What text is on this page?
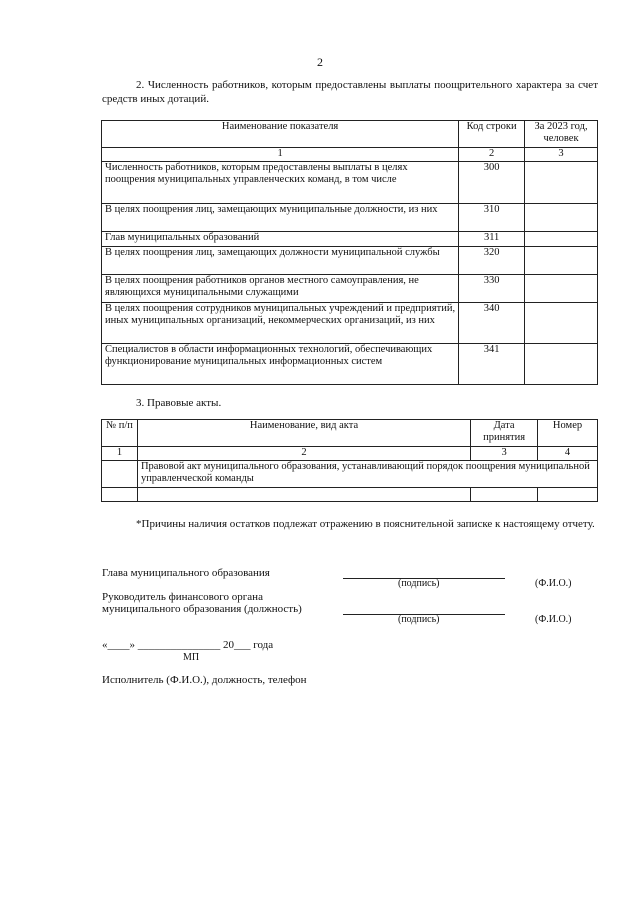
2
2. Численность работников, которым предоставлены выплаты поощрительного характера за счет средств иных дотаций.
Наименование показателя	Код строки	За 2023 год, человек
1	2	3
Численность работников, которым предоставлены выплаты в целях поощрения муниципальных управленческих команд, в том числе	300	
В целях поощрения лиц, замещающих муниципальные должности, из них	310	
Глав муниципальных образований	311	
В целях поощрения лиц, замещающих должности муниципальной службы	320	
В целях поощрения работников органов местного самоуправления, не являющихся муниципальными служащими	330	
В целях поощрения сотрудников муниципальных учреждений и предприятий, иных муниципальных организаций, некоммерческих организаций, из них	340	
Специалистов в области информационных технологий, обеспечивающих функционирование муниципальных информационных систем	341	
3. Правовые акты.
№ п/п	Наименование, вид акта	Дата принятия	Номер
1	2	3	4
	Правовой акт муниципального образования, устанавливающий порядок поощрения муниципальной управленческой команды		

*Причины наличия остатков подлежат отражению в пояснительной записке к настоящему отчету.
Глава муниципального образования
(подпись)	(Ф.И.О.)
Руководитель финансового органа
муниципального образования (должность)
(подпись)	(Ф.И.О.)
«____» _______________ 20___ года
МП
Исполнитель (Ф.И.О.), должность, телефон
